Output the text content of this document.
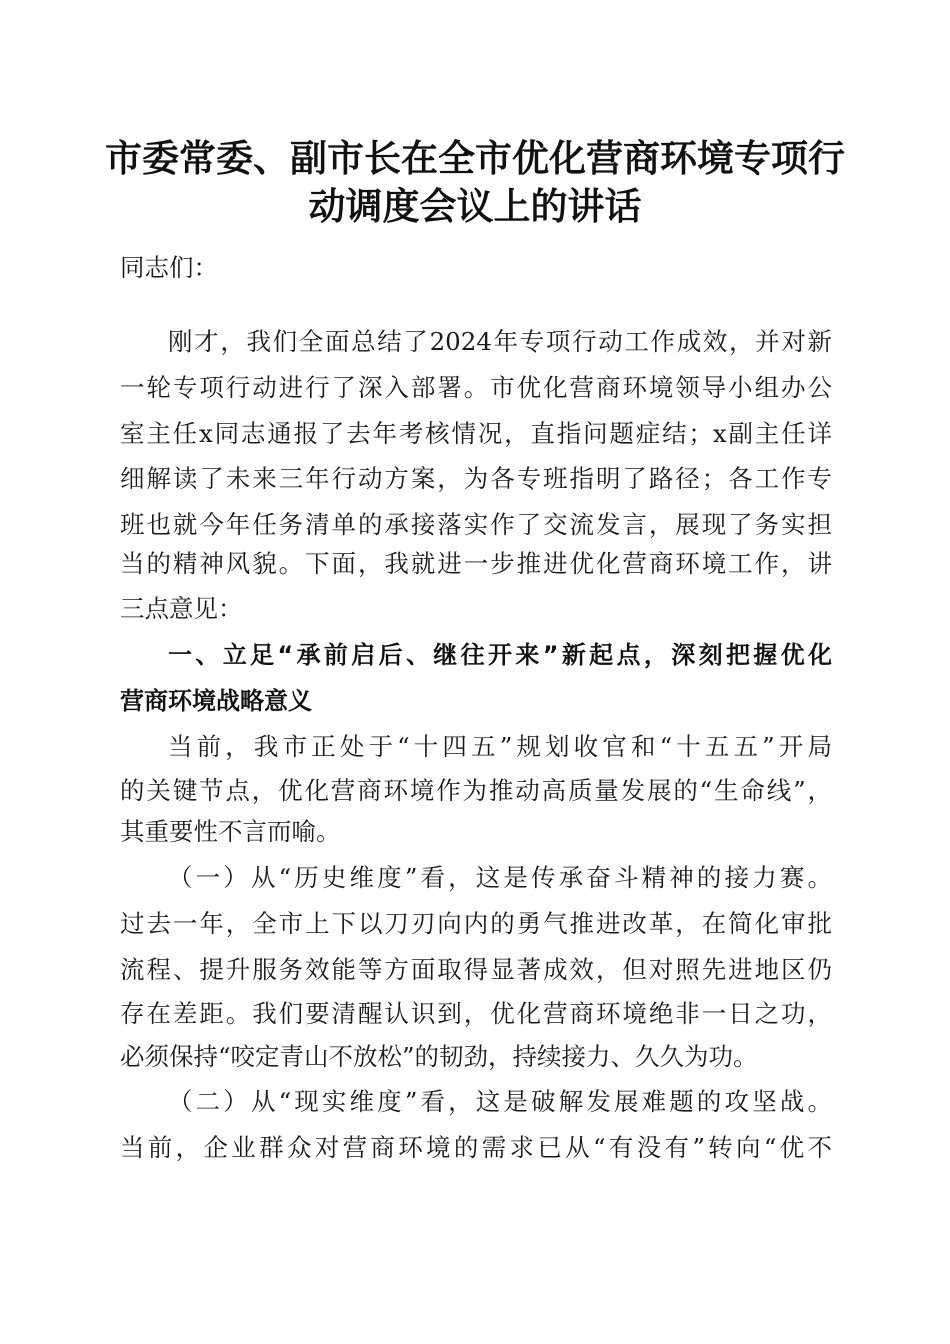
市委常委、副市长在全市优化营商环境专项行
动调度会议上的讲话
同志们：
刚才，我们全面总结了2024年专项行动工作成效，并对新
一轮专项行动进行了深入部署。市优化营商环境领导小组办公
室主任x同志通报了去年考核情况，直指问题症结；x副主任详
细解读了未来三年行动方案，为各专班指明了路径；各工作专
班也就今年任务清单的承接落实作了交流发言，展现了务实担
当的精神风貌。下面，我就进一步推进优化营商环境工作，讲
三点意见：
一、立足“承前启后、继往开来”新起点，深刻把握优化
营商环境战略意义
当前，我市正处于“十四五”规划收官和“十五五”开局
的关键节点，优化营商环境作为推动高质量发展的“生命线”，
其重要性不言而喻。
（一）从“历史维度”看，这是传承奋斗精神的接力赛。
过去一年，全市上下以刀刃向内的勇气推进改革，在简化审批
流程、提升服务效能等方面取得显著成效，但对照先进地区仍
存在差距。我们要清醒认识到，优化营商环境绝非一日之功，
必须保持“咬定青山不放松”的韧劲，持续接力、久久为功。
（二）从“现实维度”看，这是破解发展难题的攻坚战。
当前，企业群众对营商环境的需求已从“有没有”转向“优不
